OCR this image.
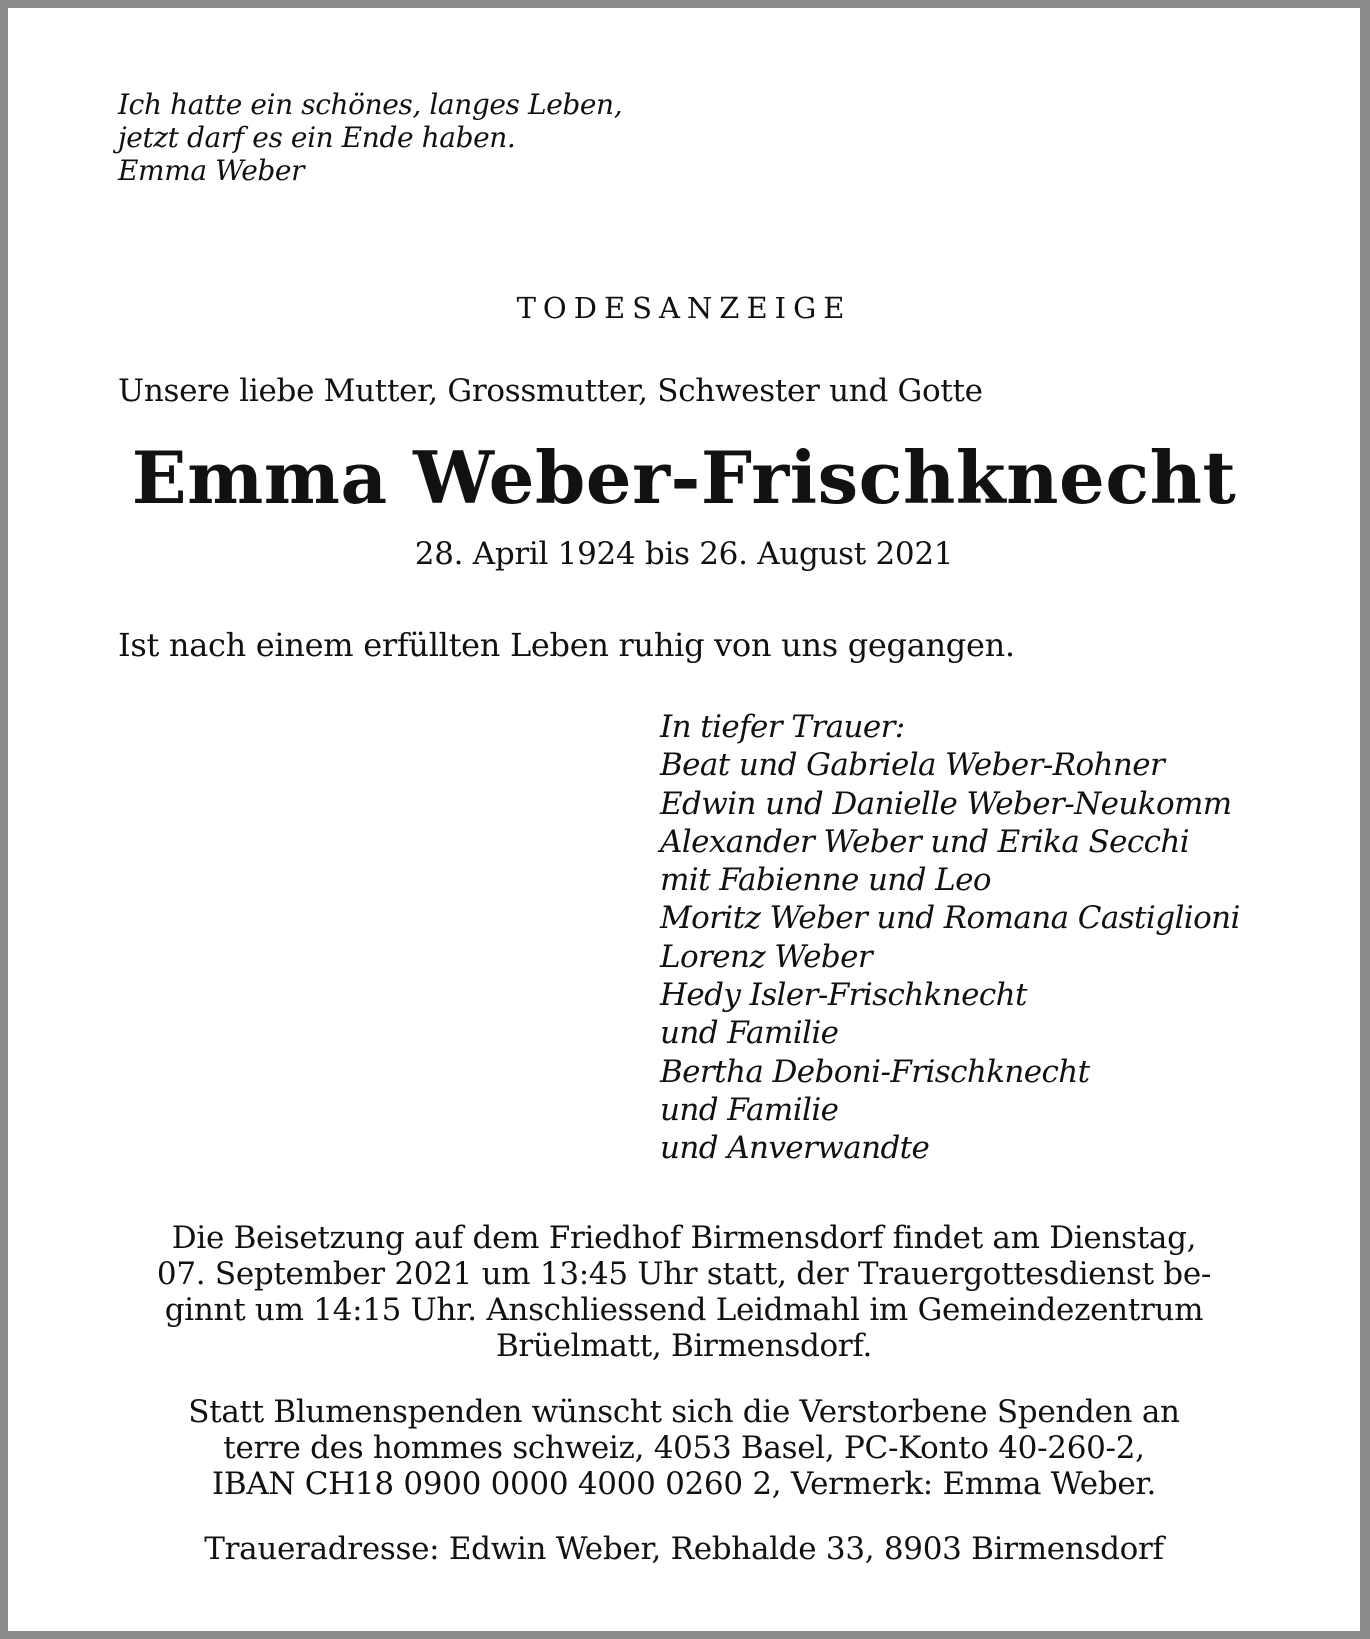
Ich hatte ein schönes, langes Leben,
jetzt darf es ein Ende haben.
Emma Weber
TODESANZEIGE
Unsere liebe Mutter, Grossmutter, Schwester und Gotte
Emma Weber-Frischknecht
28. April 1924 bis 26. August 2021
Ist nach einem erfüllten Leben ruhig von uns gegangen.
In tiefer Trauer:
Beat und Gabriela Weber-Rohner
Edwin und Danielle Weber-Neukomm
Alexander Weber und Erika Secchi
mit Fabienne und Leo
Moritz Weber und Romana Castiglioni
Lorenz Weber
Hedy Isler-Frischknecht
und Familie
Bertha Deboni-Frischknecht
und Familie
und Anverwandte
Die Beisetzung auf dem Friedhof Birmensdorf findet am Dienstag,
07. September 2021 um 13:45 Uhr statt, der Trauergottesdienst be-
ginnt um 14:15 Uhr. Anschliessend Leidmahl im Gemeindezentrum
Brüelmatt, Birmensdorf.
Statt Blumenspenden wünscht sich die Verstorbene Spenden an
terre des hommes schweiz, 4053 Basel, PC-Konto 40-260-2,
IBAN CH18 0900 0000 4000 0260 2, Vermerk: Emma Weber.
Traueradresse: Edwin Weber, Rebhalde 33, 8903 Birmensdorf
